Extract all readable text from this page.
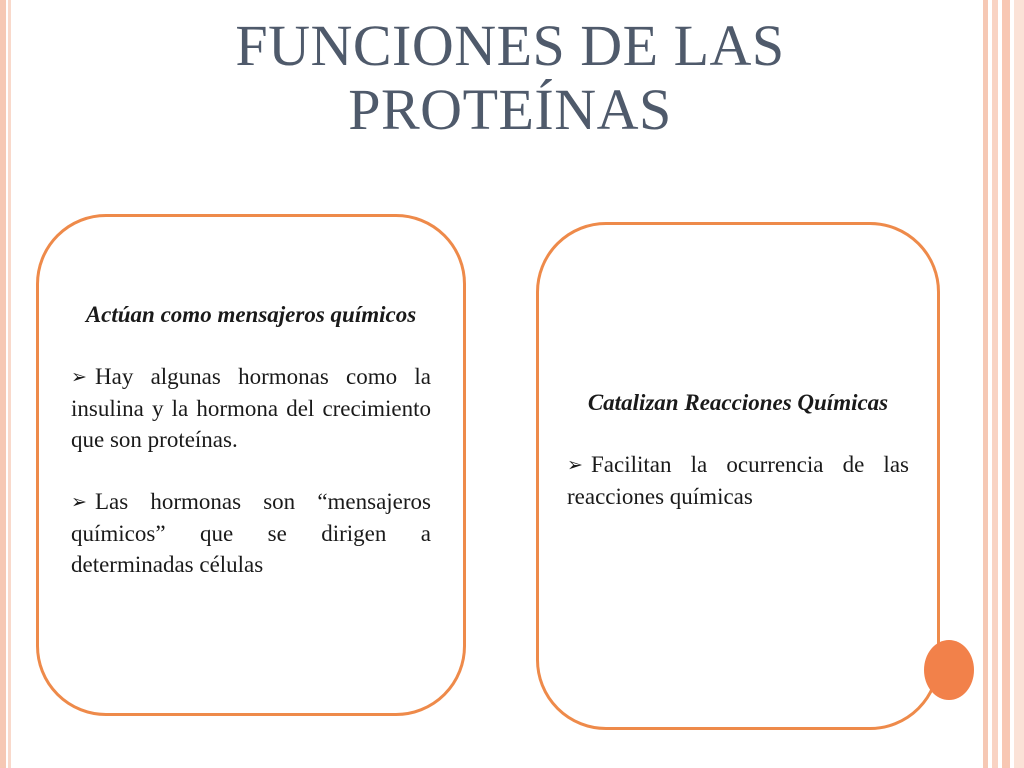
FUNCIONES DE LAS PROTEÍNAS

Actúan como mensajeros químicos

➢ Hay algunas hormonas como la insulina y la hormona del crecimiento que son proteínas.

➢ Las hormonas son “mensajeros químicos” que se dirigen a determinadas células

Catalizan Reacciones Químicas

➢ Facilitan la ocurrencia de las reacciones químicas
